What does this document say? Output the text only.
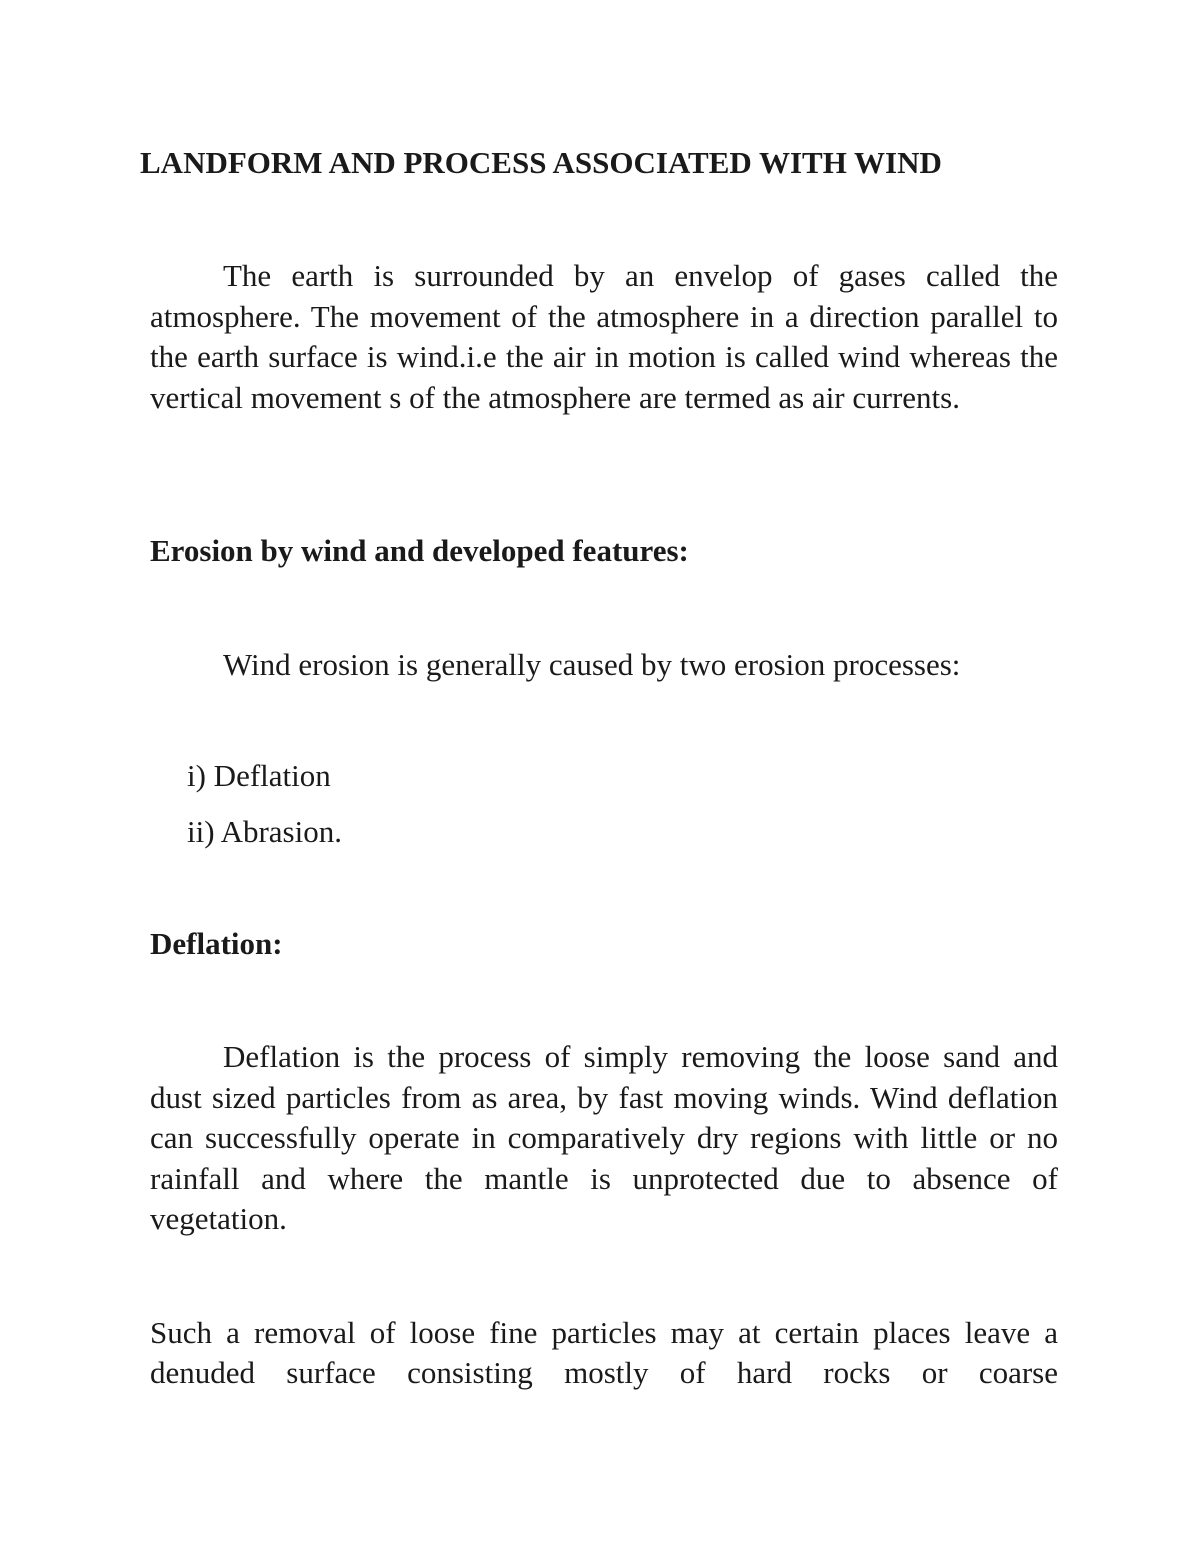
LANDFORM AND PROCESS ASSOCIATED WITH WIND

The earth is surrounded by an envelop of gases called the atmosphere. The movement of the atmosphere in a direction parallel to the earth surface is wind.i.e the air in motion is called wind whereas the vertical movement s of the atmosphere are termed as air currents.

Erosion by wind and developed features:

Wind erosion is generally caused by two erosion processes:

i) Deflation

ii) Abrasion.

Deflation:

Deflation is the process of simply removing the loose sand and dust sized particles from as area, by fast moving winds. Wind deflation can successfully operate in comparatively dry regions with little or no rainfall and where the mantle is unprotected due to absence of vegetation.

Such a removal of loose fine particles may at certain places leave a denuded surface consisting mostly of hard rocks or coarse
